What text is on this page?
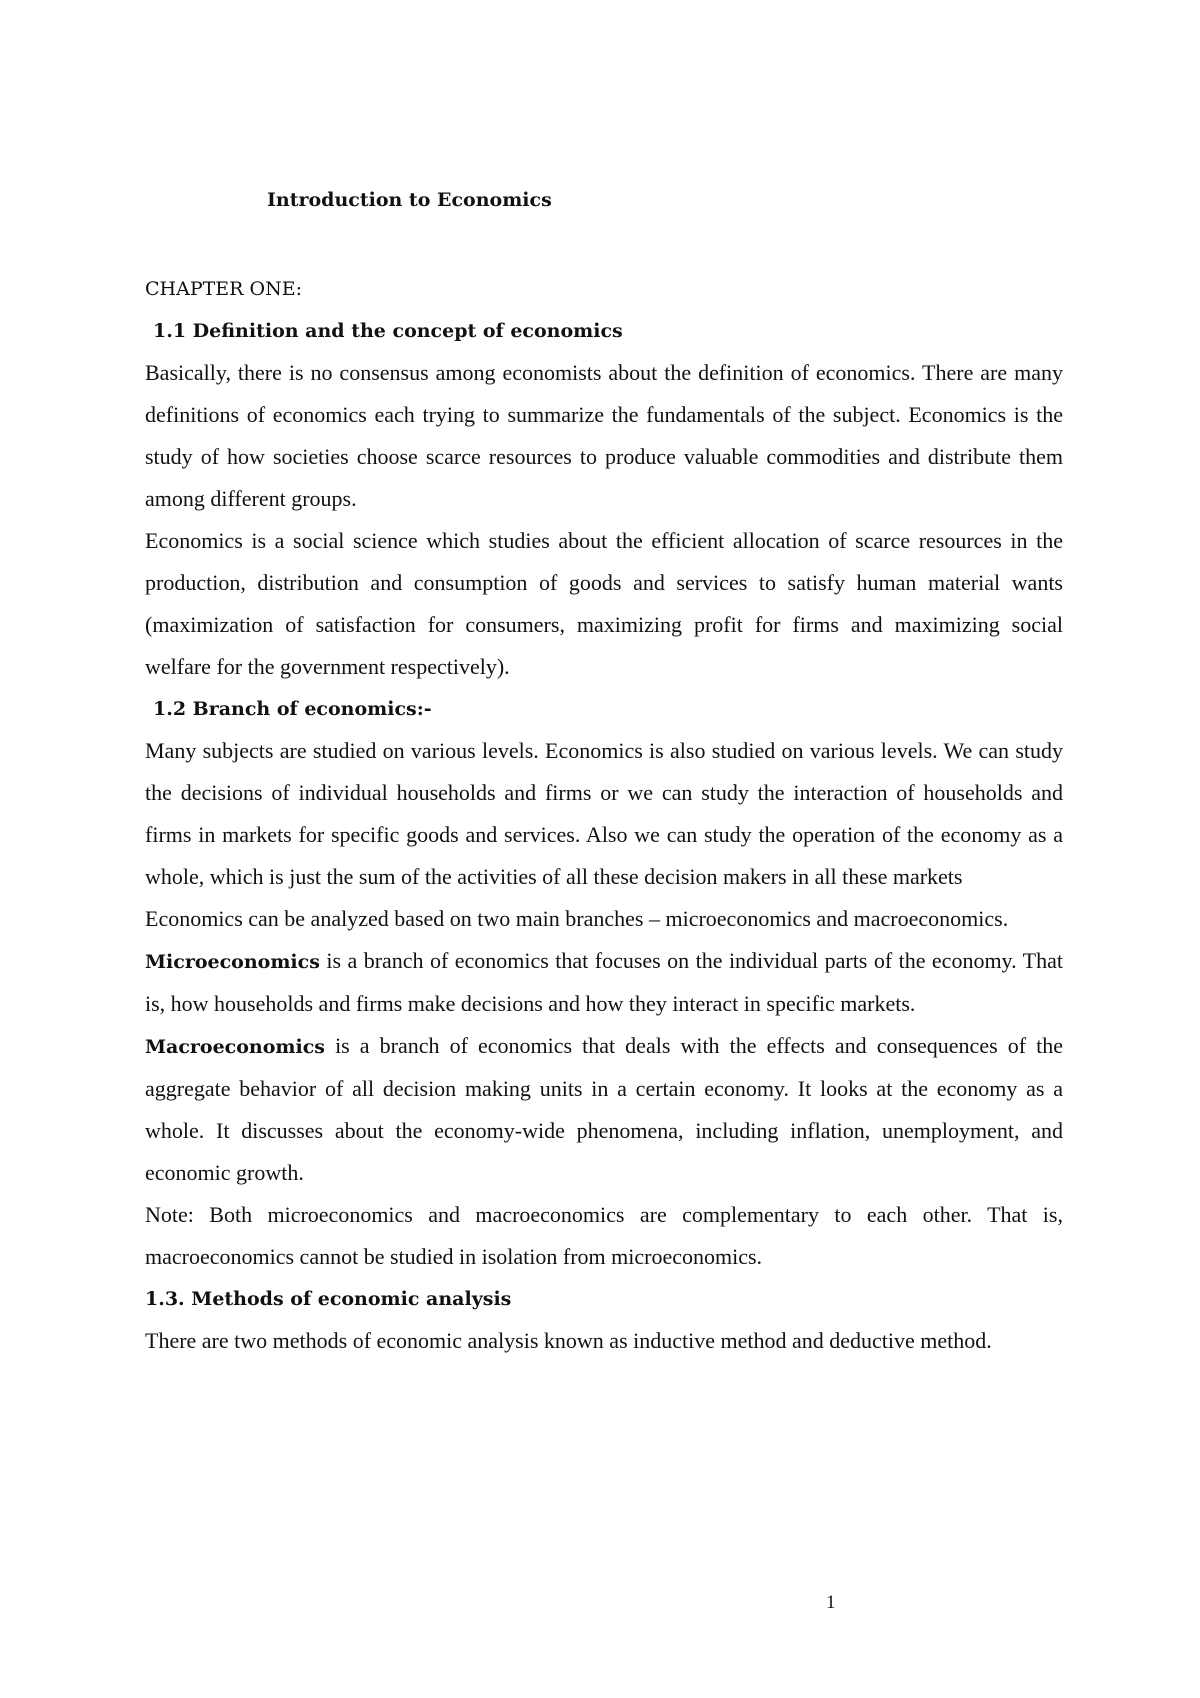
Introduction to Economics
CHAPTER ONE:
1.1 Definition and the concept of economics

Basically, there is no consensus among economists about the definition of economics. There are many definitions of economics each trying to summarize the fundamentals of the subject. Economics is the study of how societies choose scarce resources to produce valuable commodities and distribute them among different groups.

Economics is a social science which studies about the efficient allocation of scarce resources in the production, distribution and consumption of goods and services to satisfy human material wants (maximization of satisfaction for consumers, maximizing profit for firms and maximizing social welfare for the government respectively).

1.2 Branch of economics:-

Many subjects are studied on various levels. Economics is also studied on various levels. We can study the decisions of individual households and firms or we can study the interaction of households and firms in markets for specific goods and services. Also we can study the operation of the economy as a whole, which is just the sum of the activities of all these decision makers in all these markets

Economics can be analyzed based on two main branches – microeconomics and macroeconomics.

Microeconomics is a branch of economics that focuses on the individual parts of the economy. That is, how households and firms make decisions and how they interact in specific markets.

Macroeconomics is a branch of economics that deals with the effects and consequences of the aggregate behavior of all decision making units in a certain economy. It looks at the economy as a whole. It discusses about the economy-wide phenomena, including inflation, unemployment, and economic growth.

Note: Both microeconomics and macroeconomics are complementary to each other. That is, macroeconomics cannot be studied in isolation from microeconomics.

1.3. Methods of economic analysis

There are two methods of economic analysis known as inductive method and deductive method.

1
